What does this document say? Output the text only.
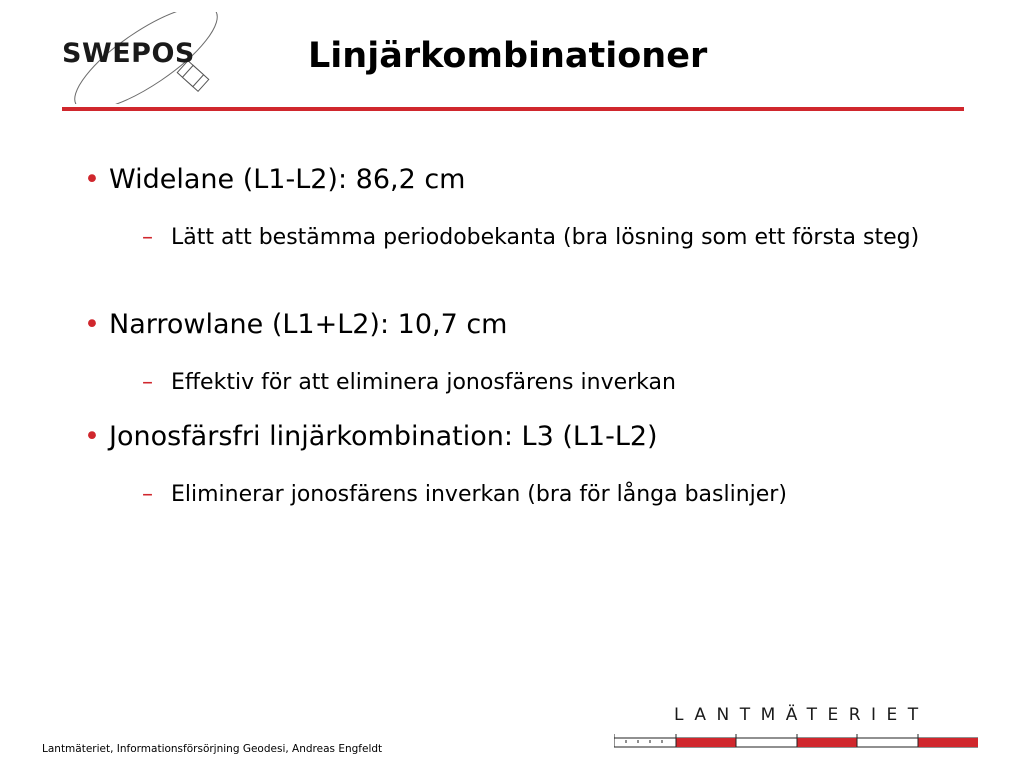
SWEPOS	Linjärkombinationer
• Widelane (L1-L2): 86,2 cm
– Lätt att bestämma periodobekanta (bra lösning som ett första steg)
• Narrowlane (L1+L2): 10,7 cm
– Effektiv för att eliminera jonosfärens inverkan
• Jonosfärsfri linjärkombination: L3 (L1-L2)
– Eliminerar jonosfärens inverkan (bra för långa baslinjer)
Lantmäteriet, Informationsförsörjning Geodesi, Andreas Engfeldt
LANTMÄTERIET
